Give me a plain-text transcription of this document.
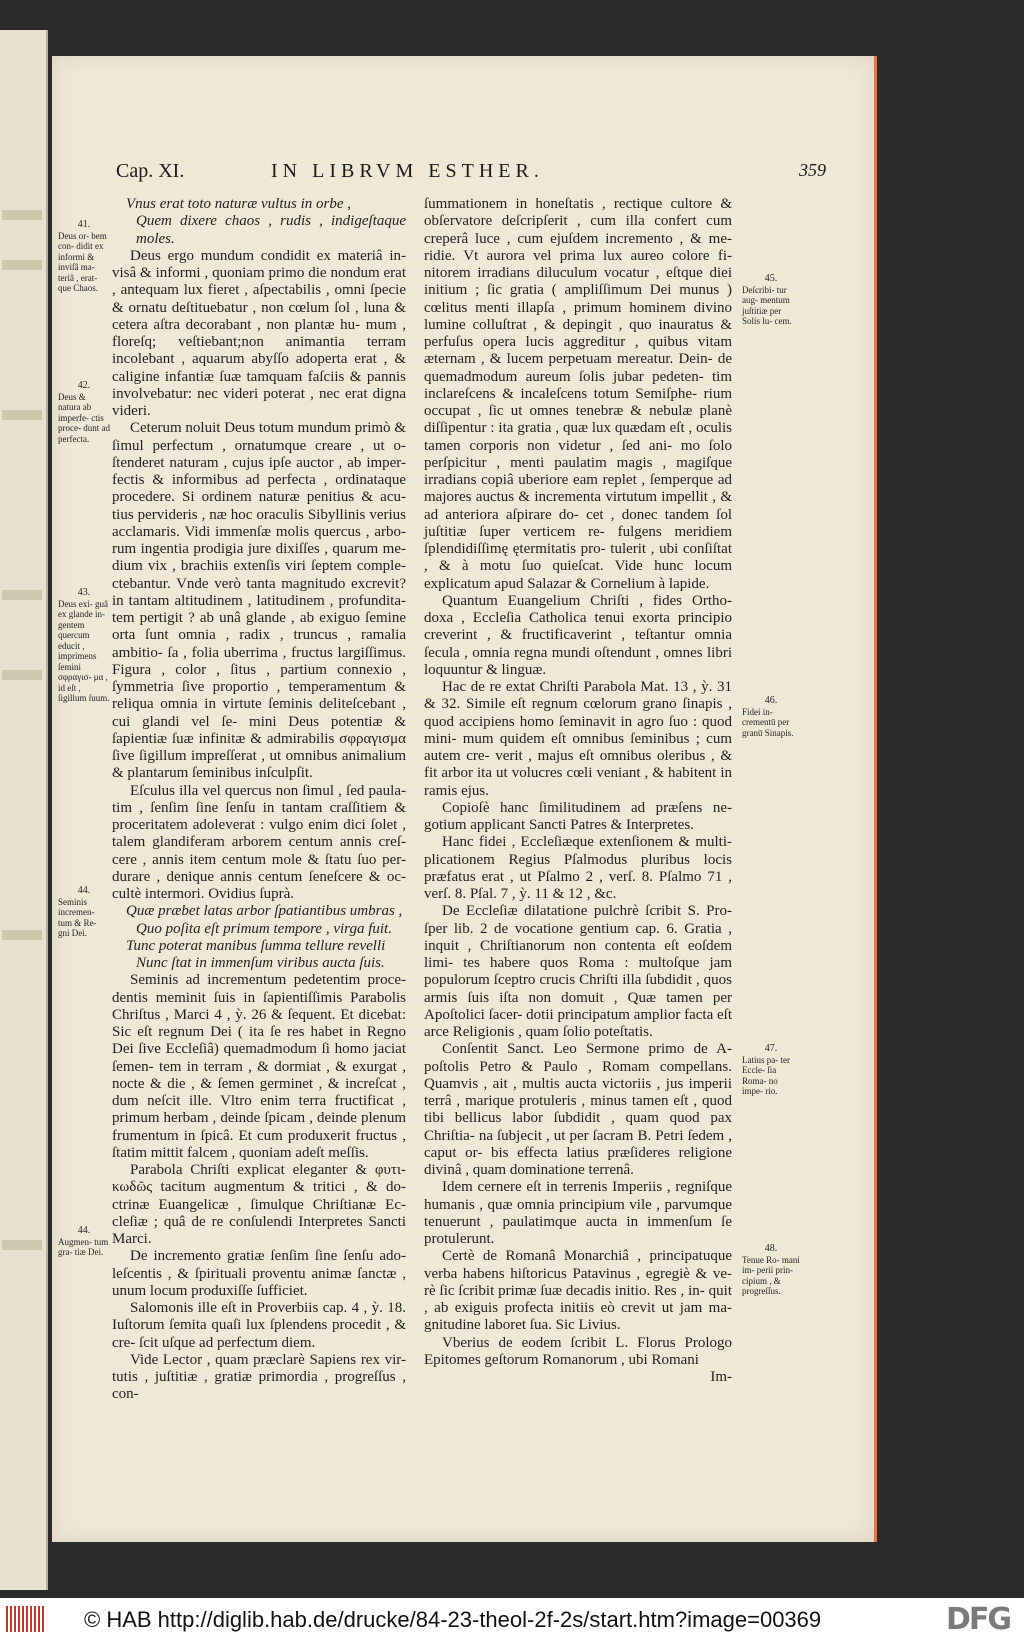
Cap. XI.	IN LIBRVM ESTHER.	359

Vnus erat toto naturæ vultus in orbe ,

Quem dixere chaos , rudis , indigeſtaque moles.

Deus ergo mundum condidit ex materiâ in- visâ & informi , quoniam primo die nondum erat , antequam lux fieret , aſpectabilis , omni ſpecie & ornatu deſtituebatur , non cœlum ſol , luna & cetera aſtra decorabant , non plantæ hu- mum , floreſq; veſtiebant;non animantia terram incolebant , aquarum abyſſo adoperta erat , & caligine infantiæ ſuæ tamquam faſciis & pannis involvebatur: nec videri poterat , nec erat digna videri.

Ceterum noluit Deus totum mundum primò & ſimul perfectum , ornatumque creare , ut o- ſtenderet naturam , cujus ipſe auctor , ab imper- fectis & informibus ad perfecta , ordinataque procedere. Si ordinem naturæ penitius & acu- tius pervideris , næ hoc oraculis Sibyllinis verius acclamaris. Vidi immenſæ molis quercus , arbo- rum ingentia prodigia jure dixiſſes , quarum me- dium vix , brachiis extenſis viri ſeptem comple- ctebantur. Vnde verò tanta magnitudo excrevit? in tantam altitudinem , latitudinem , profundita- tem pertigit ? ab unâ glande , ab exiguo ſemine orta ſunt omnia , radix , truncus , ramalia ambitio- ſa , folia uberrima , fructus largiſſimus. Figura , color , ſitus , partium connexio , ſymmetria ſive proportio , temperamentum & reliqua omnia in virtute ſeminis deliteſcebant , cui glandi vel ſe- mini Deus potentiæ & ſapientiæ ſuæ infinitæ & admirabilis σφραγισμα ſive ſigillum impreſſerat , ut omnibus animalium & plantarum ſeminibus inſculpſit.

Eſculus illa vel quercus non ſimul , ſed paula- tim , ſenſim ſine ſenſu in tantam craſſitiem & proceritatem adoleverat : vulgo enim dici ſolet , talem glandiferam arborem centum annis creſ- cere , annis item centum mole & ſtatu ſuo per- durare , denique annis centum ſeneſcere & oc- cultè intermori. Ovidius ſuprà.

Quæ præbet latas arbor ſpatiantibus umbras ,

Quo poſita eſt primum tempore , virga fuit.

Tunc poterat manibus ſumma tellure revelli

Nunc ſtat in immenſum viribus aucta ſuis.

Seminis ad incrementum pedetentim proce- dentis meminit ſuis in ſapientiſſimis Parabolis Chriſtus , Marci 4 , ỳ. 26 & ſequent. Et dicebat: Sic eſt regnum Dei ( ita ſe res habet in Regno Dei ſive Eccleſiâ) quemadmodum ſi homo jaciat ſemen- tem in terram , & dormiat , & exurgat , nocte & die , & ſemen germinet , & increſcat , dum neſcit ille. Vltro enim terra fructificat , primum herbam , deinde ſpicam , deinde plenum frumentum in ſpicâ. Et cum produxerit fructus , ſtatim mittit falcem , quoniam adeſt meſſis.

Parabola Chriſti explicat eleganter & φυτι- κωδῶς tacitum augmentum & tritici , & do- ctrinæ Euangelicæ , ſimulque Chriſtianæ Ec- cleſiæ ; quâ de re conſulendi Interpretes Sancti Marci.

De incremento gratiæ ſenſim ſine ſenſu ado- leſcentis , & ſpirituali proventu animæ ſanctæ , unum locum produxiſſe ſufficiet.

Salomonis ille eſt in Proverbiis cap. 4 , ỳ. 18. Iuſtorum ſemita quaſi lux ſplendens procedit , & cre- ſcit uſque ad perfectum diem.

Vide Lector , quam præclarè Sapiens rex vir- tutis , juſtitiæ , gratiæ primordia , progreſſus , con-

ſummationem in honeſtatis , rectique cultore & obſervatore deſcripſerit , cum illa confert cum creperâ luce , cum ejuſdem incremento , & me- ridie. Vt aurora vel prima lux aureo colore fi- nitorem irradians diluculum vocatur , eſtque diei initium ; ſic gratia ( ampliſſimum Dei munus ) cœlitus menti illapſa , primum hominem divino lumine colluſtrat , & depingit , quo inauratus & perfuſus opera lucis aggreditur , quibus vitam æternam , & lucem perpetuam mereatur. Dein- de quemadmodum aureum ſolis jubar pedeten- tim inclareſcens & incaleſcens totum Semiſphe- rium occupat , ſic ut omnes tenebræ & nebulæ planè diſſipentur : ita gratia , quæ lux quædam eſt , oculis tamen corporis non videtur , ſed ani- mo ſolo perſpicitur , menti paulatim magis , magiſque irradians copiâ uberiore eam replet , ſemperque ad majores auctus & incrementa virtutum impellit , & ad anteriora aſpirare do- cet , donec tandem ſol juſtitiæ ſuper verticem re- fulgens meridiem ſplendidiſſimę ętermitatis pro- tulerit , ubi conſiſtat , & à motu ſuo quieſcat. Vide hunc locum explicatum apud Salazar & Cornelium à lapide.

Quantum Euangelium Chriſti , fides Ortho- doxa , Eccleſia Catholica tenui exorta principio creverint , & fructificaverint , teſtantur omnia ſecula , omnia regna mundi oſtendunt , omnes libri loquuntur & linguæ.

Hac de re extat Chriſti Parabola Mat. 13 , ỳ. 31 & 32. Simile eſt regnum cœlorum grano ſinapis , quod accipiens homo ſeminavit in agro ſuo : quod mini- mum quidem eſt omnibus ſeminibus ; cum autem cre- verit , majus eſt omnibus oleribus , & fit arbor ita ut volucres cœli veniant , & habitent in ramis ejus.

Copioſè hanc ſimilitudinem ad præſens ne- gotium applicant Sancti Patres & Interpretes.

Hanc fidei , Eccleſiæque extenſionem & multi- plicationem Regius Pſalmodus pluribus locis præfatus erat , ut Pſalmo 2 , verſ. 8. Pſalmo 71 , verſ. 8. Pſal. 7 , ỳ. 11 & 12 , &c.

De Eccleſiæ dilatatione pulchrè ſcribit S. Pro- ſper lib. 2 de vocatione gentium cap. 6. Gratia , inquit , Chriſtianorum non contenta eſt eoſdem limi- tes habere quos Roma : multoſque jam populorum ſceptro crucis Chriſti illa ſubdidit , quos armis ſuis iſta non domuit , Quæ tamen per Apoſtolici ſacer- dotii principatum amplior facta eſt arce Religionis , quam ſolio poteſtatis.

Conſentit Sanct. Leo Sermone primo de A- poſtolis Petro & Paulo , Romam compellans. Quamvis , ait , multis aucta victoriis , jus imperii terrâ , marique protuleris , minus tamen eſt , quod tibi bellicus labor ſubdidit , quam quod pax Chriſtia- na ſubjecit , ut per ſacram B. Petri ſedem , caput or- bis effecta latius præſideres religione divinâ , quam dominatione terrenâ.

Idem cernere eſt in terrenis Imperiis , regniſque humanis , quæ omnia principium vile , parvumque tenuerunt , paulatimque aucta in immenſum ſe protulerunt.

Certè de Romanâ Monarchiâ , principatuque verba habens hiſtoricus Patavinus , egregiè & ve- rè ſic ſcribit primæ ſuæ decadis initio. Res , in- quit , ab exiguis profecta initiis eò crevit ut jam ma- gnitudine laboret ſua. Sic Livius.

Vberius de eodem ſcribit L. Florus Prologo Epitomes geſtorum Romanorum , ubi Romani

Im-

41.
Deus or- bem con- didit ex informi & inviſâ ma- teriâ , erat- que Chaos.
42.
Deus & natura ab imperfe- ctis proce- dunt ad perfecta.
43.
Deus exi- guâ ex glande in- gentem quercum educit , imprimens ſemini σφραγισ- μα , id eſt , ſigillum ſuum.
44.
Seminis incremen- tum & Re- gni Dei.
44.
Augmen- tum gra- tiæ Dei.
45.
Deſcribi- tur aug- mentum juſtitiæ per Solis lu- cem.
46.
Fidei in- crementū per granū Sinapis.
47.
Latius pa- ter Eccle- ſia Roma- no impe- rio.
48.
Tenue Ro- mani im- perii prin- cipium , & progreſſus.
© HAB http://diglib.hab.de/drucke/84-23-theol-2f-2s/start.htm?image=00369	DFG
